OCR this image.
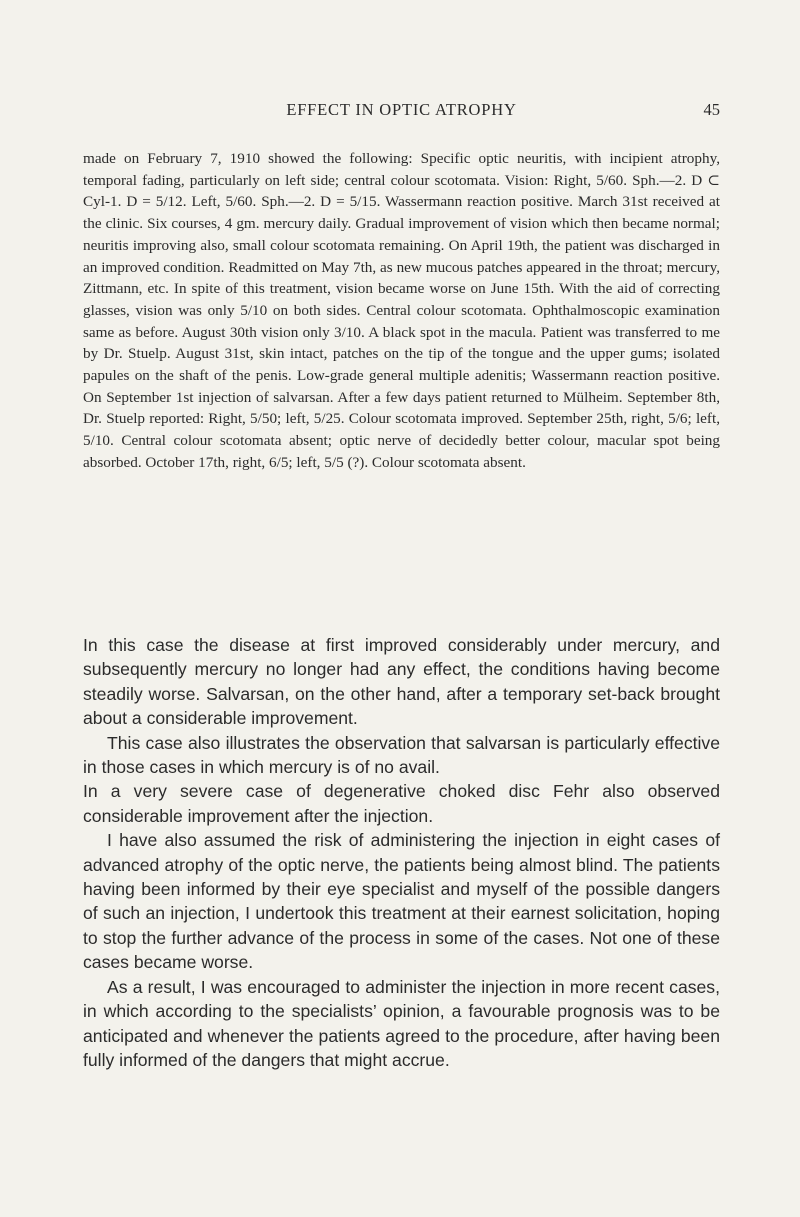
EFFECT IN OPTIC ATROPHY	45

made on February 7, 1910 showed the following: Specific optic neuritis, with incipient atrophy, temporal fading, particularly on left side; central colour scotomata. Vision: Right, 5/60. Sph.—2. D ⊂ Cyl-1. D = 5/12. Left, 5/60. Sph.—2. D = 5/15. Wassermann reaction positive. March 31st received at the clinic. Six courses, 4 gm. mercury daily. Gradual improvement of vision which then became normal; neuritis improving also, small colour scotomata remaining. On April 19th, the patient was discharged in an improved condition. Readmitted on May 7th, as new mucous patches appeared in the throat; mercury, Zittmann, etc. In spite of this treatment, vision became worse on June 15th. With the aid of correcting glasses, vision was only 5/10 on both sides. Central colour scotomata. Ophthalmoscopic examination same as before. August 30th vision only 3/10. A black spot in the macula. Patient was transferred to me by Dr. Stuelp. August 31st, skin intact, patches on the tip of the tongue and the upper gums; isolated papules on the shaft of the penis. Low-grade general multiple adenitis; Wassermann reaction positive. On September 1st injection of salvarsan. After a few days patient returned to Mülheim. September 8th, Dr. Stuelp reported: Right, 5/50; left, 5/25. Colour scotomata improved. September 25th, right, 5/6; left, 5/10. Central colour scotomata absent; optic nerve of decidedly better colour, macular spot being absorbed. October 17th, right, 6/5; left, 5/5 (?). Colour scotomata absent.

In this case the disease at first improved considerably under mercury, and subsequently mercury no longer had any effect, the conditions having become steadily worse. Salvarsan, on the other hand, after a temporary set-back brought about a considerable improvement.

This case also illustrates the observation that salvarsan is particularly effective in those cases in which mercury is of no avail.

In a very severe case of degenerative choked disc Fehr also observed considerable improvement after the injection.

I have also assumed the risk of administering the injection in eight cases of advanced atrophy of the optic nerve, the patients being almost blind. The patients having been informed by their eye specialist and myself of the possible dangers of such an injection, I undertook this treatment at their earnest solicitation, hoping to stop the further advance of the process in some of the cases. Not one of these cases became worse.

As a result, I was encouraged to administer the injection in more recent cases, in which according to the specialists’ opinion, a favourable prognosis was to be anticipated and whenever the patients agreed to the procedure, after having been fully informed of the dangers that might accrue.
